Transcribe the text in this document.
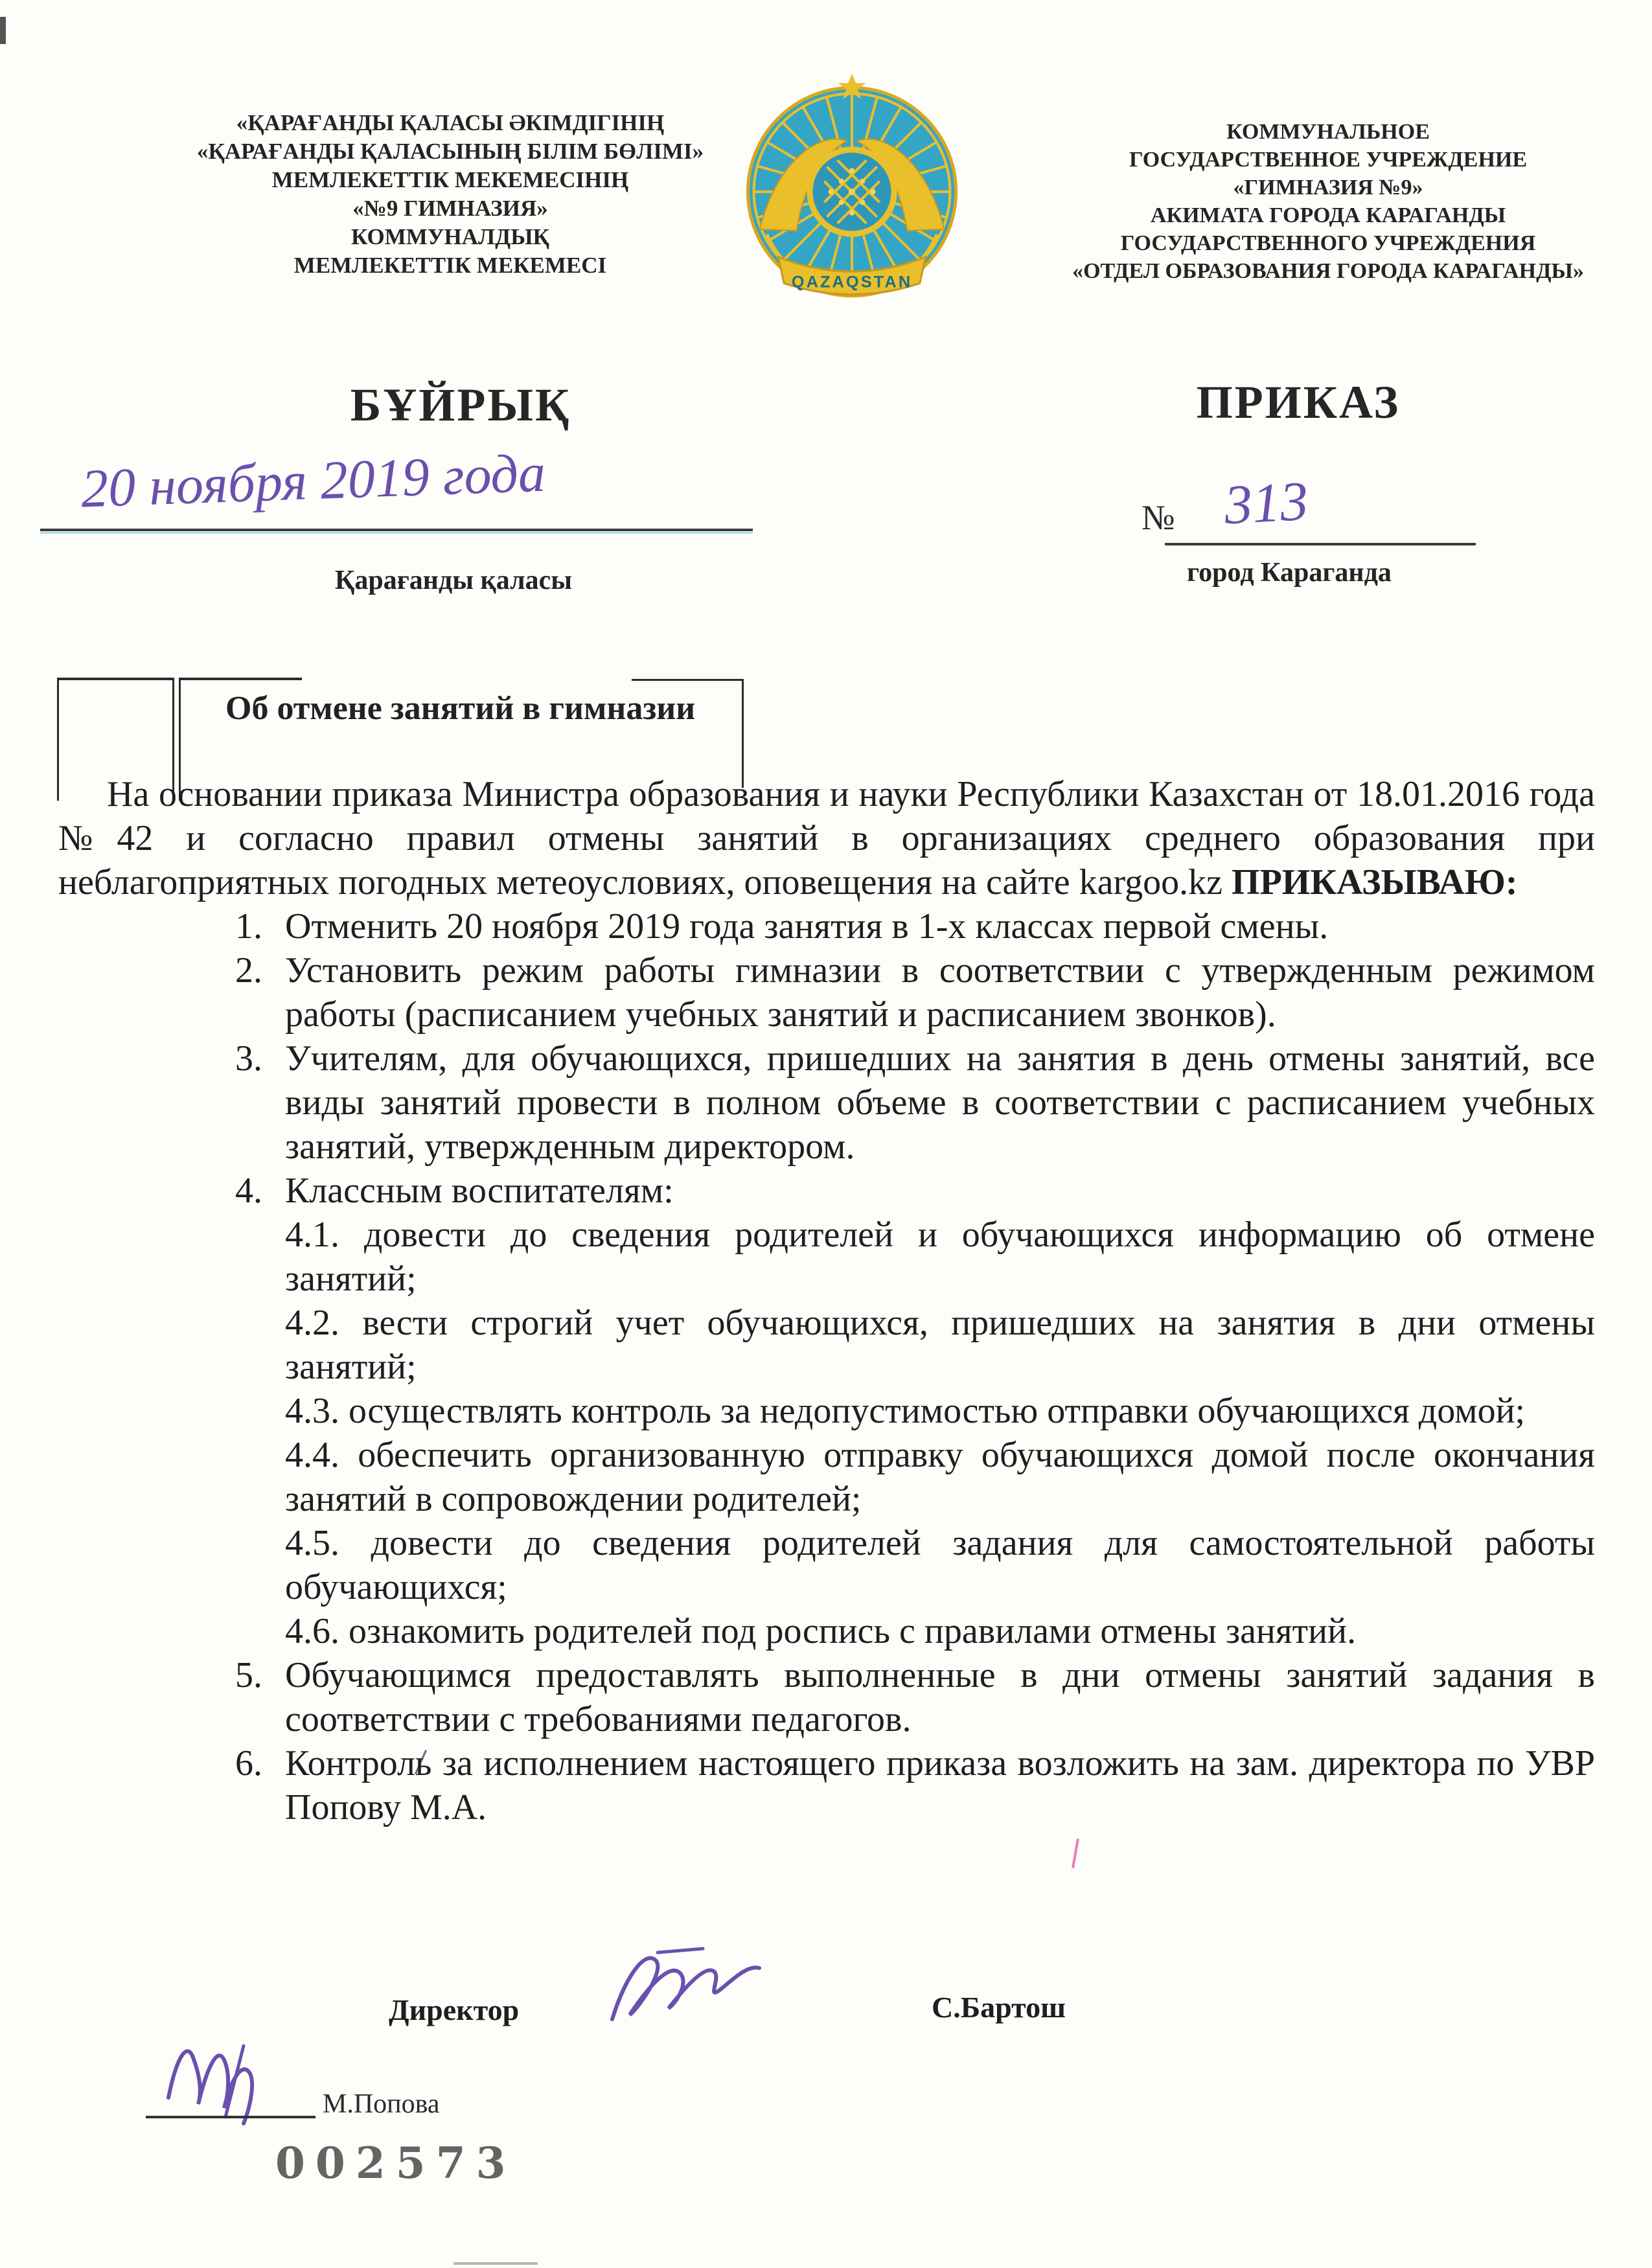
«ҚАРАҒАНДЫ ҚАЛАСЫ ӘКІМДІГІНІҢ
«ҚАРАҒАНДЫ ҚАЛАСЫНЫҢ БІЛІМ БӨЛІМІ»
МЕМЛЕКЕТТІК МЕКЕМЕСІНІҢ
«№9 ГИМНАЗИЯ»
КОММУНАЛДЫҚ
МЕМЛЕКЕТТІК МЕКЕМЕСІ
QAZAQSTAN
КОММУНАЛЬНОЕ
ГОСУДАРСТВЕННОЕ УЧРЕЖДЕНИЕ
«ГИМНАЗИЯ №9»
АКИМАТА ГОРОДА КАРАГАНДЫ
ГОСУДАРСТВЕННОГО УЧРЕЖДЕНИЯ
«ОТДЕЛ ОБРАЗОВАНИЯ ГОРОДА КАРАГАНДЫ»
БҰЙРЫҚ	ПРИКАЗ
20 ноября 2019 года	№ 313
Қарағанды қаласы	город Караганда
Об отмене занятий в гимназии

На основании приказа Министра образования и науки Республики Казахстан от 18.01.2016 года №42 и согласно правил отмены занятий в организациях среднего образования при неблагоприятных погодных метеоусловиях, оповещения на сайте kargoo.kz ПРИКАЗЫВАЮ:

1. Отменить 20 ноября 2019 года занятия в 1-х классах первой смены.
2. Установить режим работы гимназии в соответствии с утвержденным режимом работы (расписанием учебных занятий и расписанием звонков).
3. Учителям, для обучающихся, пришедших на занятия в день отмены занятий, все виды занятий провести в полном объеме в соответствии с расписанием учебных занятий, утвержденным директором.
4. Классным воспитателям:
4.1. довести до сведения родителей и обучающихся информацию об отмене занятий;
4.2. вести строгий учет обучающихся, пришедших на занятия в дни отмены занятий;
4.3. осуществлять контроль за недопустимостью отправки обучающихся домой;
4.4. обеспечить организованную отправку обучающихся домой после окончания занятий в сопровождении родителей;
4.5. довести до сведения родителей задания для самостоятельной работы обучающихся;
4.6. ознакомить родителей под роспись с правилами отмены занятий.
5. Обучающимся предоставлять выполненные в дни отмены занятий задания в соответствии с требованиями педагогов.
6. Контроль за исполнением настоящего приказа возложить на зам. директора по УВР Попову М.А.
Директор	С.Бартош
М.Попова
002573
